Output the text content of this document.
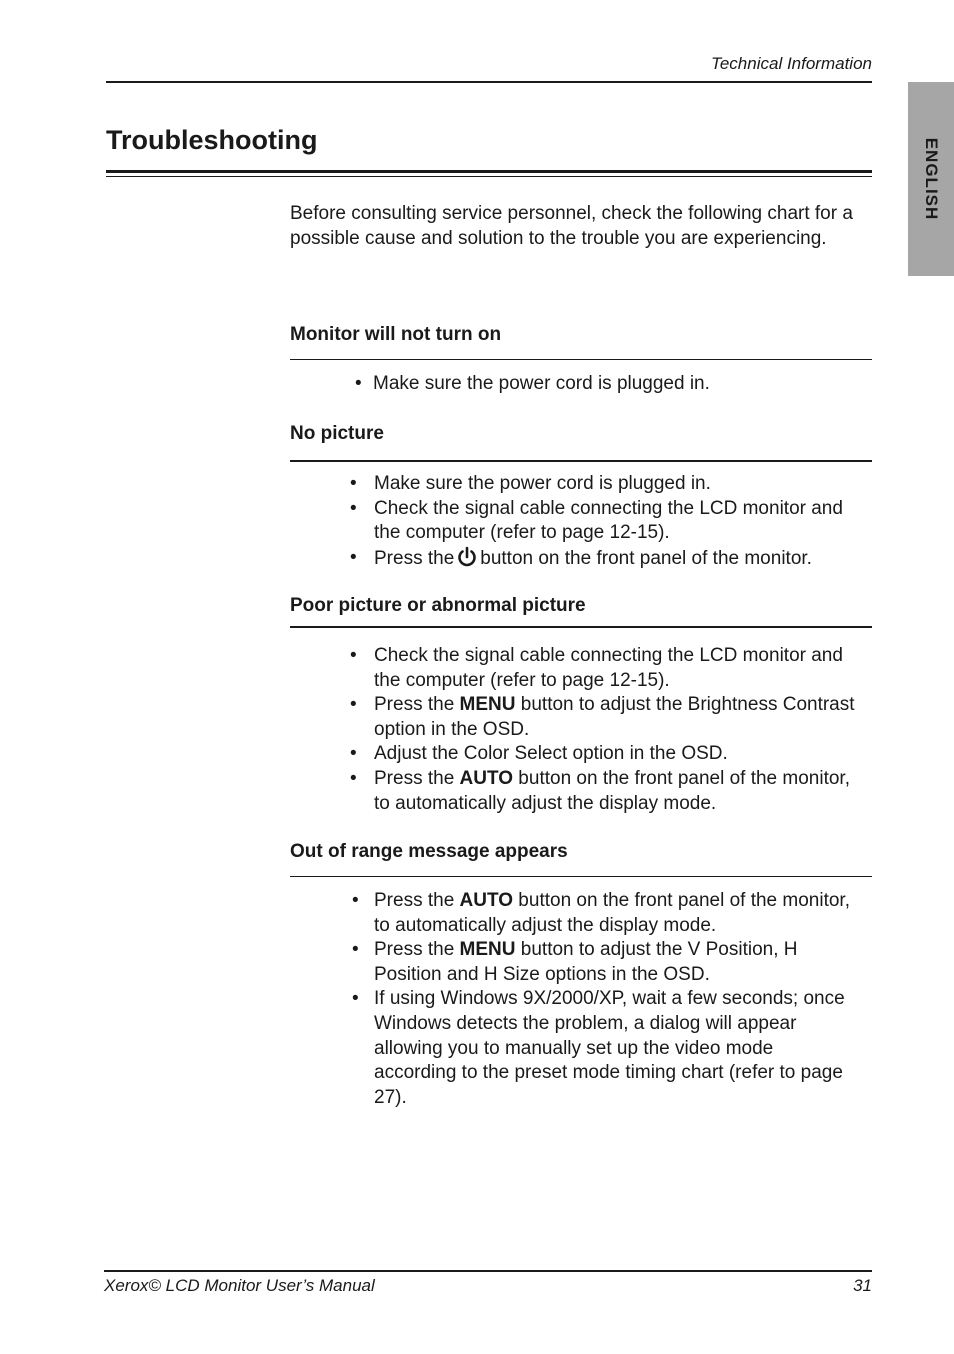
Technical Information
ENGLISH
Troubleshooting
Before consulting service personnel, check the following chart for a possible cause and solution to the trouble you are experiencing.
Monitor will not turn on
• Make sure the power cord is plugged in.
No picture
• Make sure the power cord is plugged in.
• Check the signal cable connecting the LCD monitor and the computer (refer to page 12-15).
• Press the button on the front panel of the monitor.
Poor picture or abnormal picture
• Check the signal cable connecting the LCD monitor and the computer (refer to page 12-15).
• Press the MENU button to adjust the Brightness Contrast option in the OSD.
• Adjust the Color Select option in the OSD.
• Press the AUTO button on the front panel of the monitor, to automatically adjust the display mode.
Out of range message appears
• Press the AUTO button on the front panel of the monitor, to automatically adjust the display mode.
• Press the MENU button to adjust the V Position, H Position and H Size options in the OSD.
• If using Windows 9X/2000/XP, wait a few seconds; once Windows detects the problem, a dialog will appear allowing you to manually set up the video mode according to the preset mode timing chart (refer to page 27).
Xerox© LCD Monitor User’s Manual	31
